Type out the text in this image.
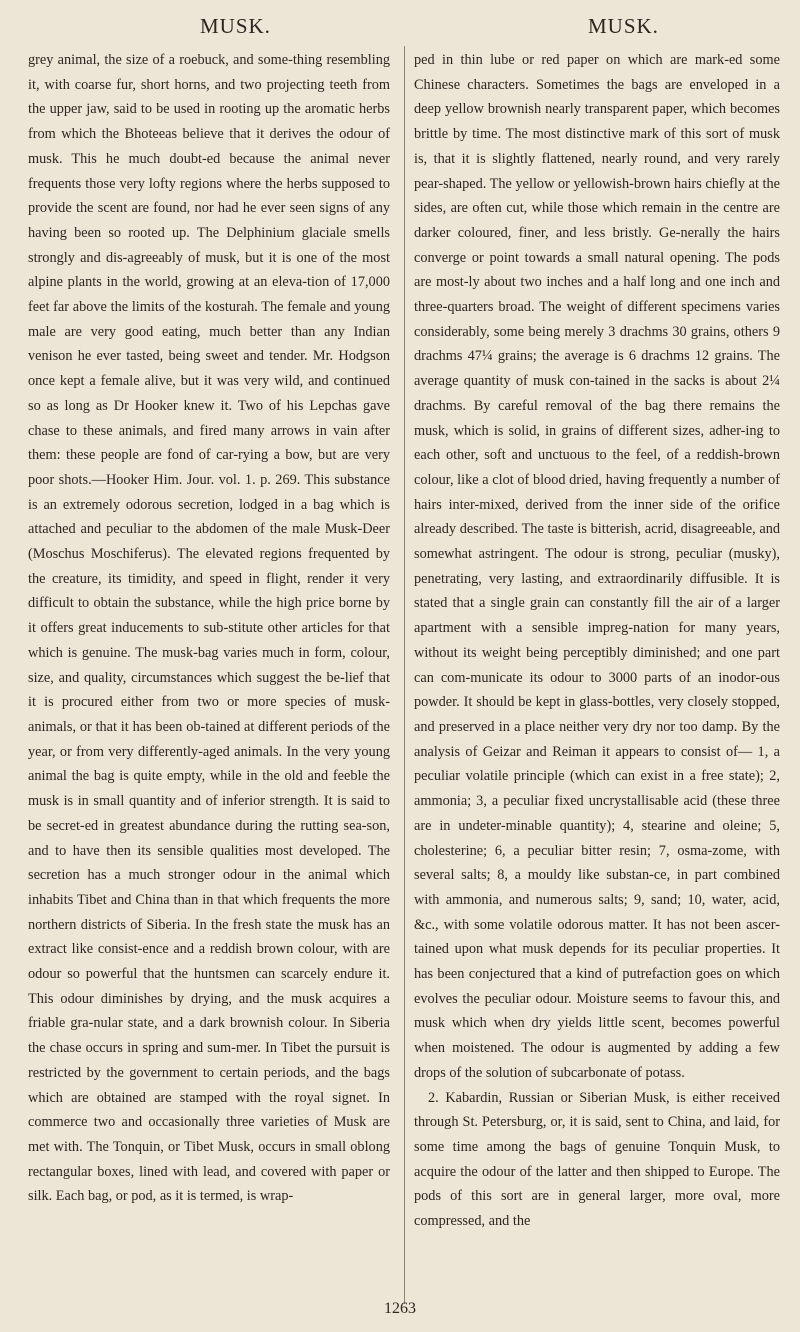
MUSK.	MUSK.

grey animal, the size of a roebuck, and some-thing resembling it, with coarse fur, short horns, and two projecting teeth from the upper jaw, said to be used in rooting up the aromatic herbs from which the Bhoteeas believe that it derives the odour of musk. This he much doubt-ed because the animal never frequents those very lofty regions where the herbs supposed to provide the scent are found, nor had he ever seen signs of any having been so rooted up. The Delphinium glaciale smells strongly and dis-agreeably of musk, but it is one of the most alpine plants in the world, growing at an eleva-tion of 17,000 feet far above the limits of the kosturah. The female and young male are very good eating, much better than any Indian venison he ever tasted, being sweet and tender. Mr. Hodgson once kept a female alive, but it was very wild, and continued so as long as Dr Hooker knew it. Two of his Lepchas gave chase to these animals, and fired many arrows in vain after them: these people are fond of car-rying a bow, but are very poor shots.—Hooker Him. Jour. vol. 1. p. 269. This substance is an extremely odorous secretion, lodged in a bag which is attached and peculiar to the abdomen of the male Musk-Deer (Moschus Moschiferus). The elevated regions frequented by the creature, its timidity, and speed in flight, render it very difficult to obtain the substance, while the high price borne by it offers great inducements to sub-stitute other articles for that which is genuine. The musk-bag varies much in form, colour, size, and quality, circumstances which suggest the be-lief that it is procured either from two or more species of musk-animals, or that it has been ob-tained at different periods of the year, or from very differently-aged animals. In the very young animal the bag is quite empty, while in the old and feeble the musk is in small quantity and of inferior strength. It is said to be secret-ed in greatest abundance during the rutting sea-son, and to have then its sensible qualities most developed. The secretion has a much stronger odour in the animal which inhabits Tibet and China than in that which frequents the more northern districts of Siberia. In the fresh state the musk has an extract like consist-ence and a reddish brown colour, with are odour so powerful that the huntsmen can scarcely endure it. This odour diminishes by drying, and the musk acquires a friable gra-nular state, and a dark brownish colour. In Siberia the chase occurs in spring and sum-mer. In Tibet the pursuit is restricted by the government to certain periods, and the bags which are obtained are stamped with the royal signet. In commerce two and occasionally three varieties of Musk are met with. The Tonquin, or Tibet Musk, occurs in small oblong rectangular boxes, lined with lead, and covered with paper or silk. Each bag, or pod, as it is termed, is wrap-

ped in thin lube or red paper on which are mark-ed some Chinese characters. Sometimes the bags are enveloped in a deep yellow brownish nearly transparent paper, which becomes brittle by time. The most distinctive mark of this sort of musk is, that it is slightly flattened, nearly round, and very rarely pear-shaped. The yellow or yellowish-brown hairs chiefly at the sides, are often cut, while those which remain in the centre are darker coloured, finer, and less bristly. Ge-nerally the hairs converge or point towards a small natural opening. The pods are most-ly about two inches and a half long and one inch and three-quarters broad. The weight of different specimens varies considerably, some being merely 3 drachms 30 grains, others 9 drachms 47¼ grains; the average is 6 drachms 12 grains. The average quantity of musk con-tained in the sacks is about 2¼ drachms. By careful removal of the bag there remains the musk, which is solid, in grains of different sizes, adher-ing to each other, soft and unctuous to the feel, of a reddish-brown colour, like a clot of blood dried, having frequently a number of hairs inter-mixed, derived from the inner side of the orifice already described. The taste is bitterish, acrid, disagreeable, and somewhat astringent. The odour is strong, peculiar (musky), penetrating, very lasting, and extraordinarily diffusible. It is stated that a single grain can constantly fill the air of a larger apartment with a sensible impreg-nation for many years, without its weight being perceptibly diminished; and one part can com-municate its odour to 3000 parts of an inodor-ous powder. It should be kept in glass-bottles, very closely stopped, and preserved in a place neither very dry nor too damp. By the analysis of Geizar and Reiman it appears to consist of— 1, a peculiar volatile principle (which can exist in a free state); 2, ammonia; 3, a peculiar fixed uncrystallisable acid (these three are in undeter-minable quantity); 4, stearine and oleine; 5, cholesterine; 6, a peculiar bitter resin; 7, osma-zome, with several salts; 8, a mouldy like substan-ce, in part combined with ammonia, and numerous salts; 9, sand; 10, water, acid, &c., with some volatile odorous matter. It has not been ascer-tained upon what musk depends for its peculiar properties. It has been conjectured that a kind of putrefaction goes on which evolves the peculiar odour. Moisture seems to favour this, and musk which when dry yields little scent, becomes powerful when moistened. The odour is augmented by adding a few drops of the solution of subcarbonate of potass.

2. Kabardin, Russian or Siberian Musk, is either received through St. Petersburg, or, it is said, sent to China, and laid, for some time among the bags of genuine Tonquin Musk, to acquire the odour of the latter and then shipped to Europe. The pods of this sort are in general larger, more oval, more compressed, and the

1263
